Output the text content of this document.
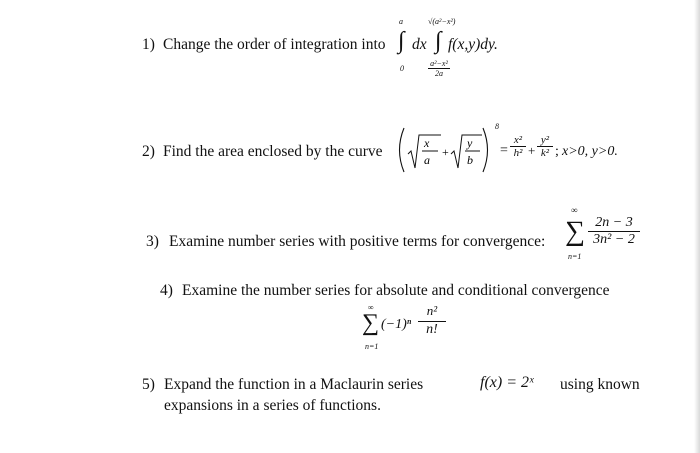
1) Change the order of integration into
a
∫
0
dx
√(a²−x²)
∫
a²−x²
2a
f(x,y)dy.
2) Find the area enclosed by the curve	x
a
+
y
b
8
=
x²
h² +
y²
k² ; x>0, y>0.
3) Examine number series with positive terms for convergence:
∞
∑
n=1
2n − 3
3n² − 2
4) Examine the number series for absolute and conditional convergence
∞
∑
n=1
(−1)ⁿ
n²
n!
5) Expand the function in a Maclaurin series	f(x) = 2ˣ using known
expansions in a series of functions.
